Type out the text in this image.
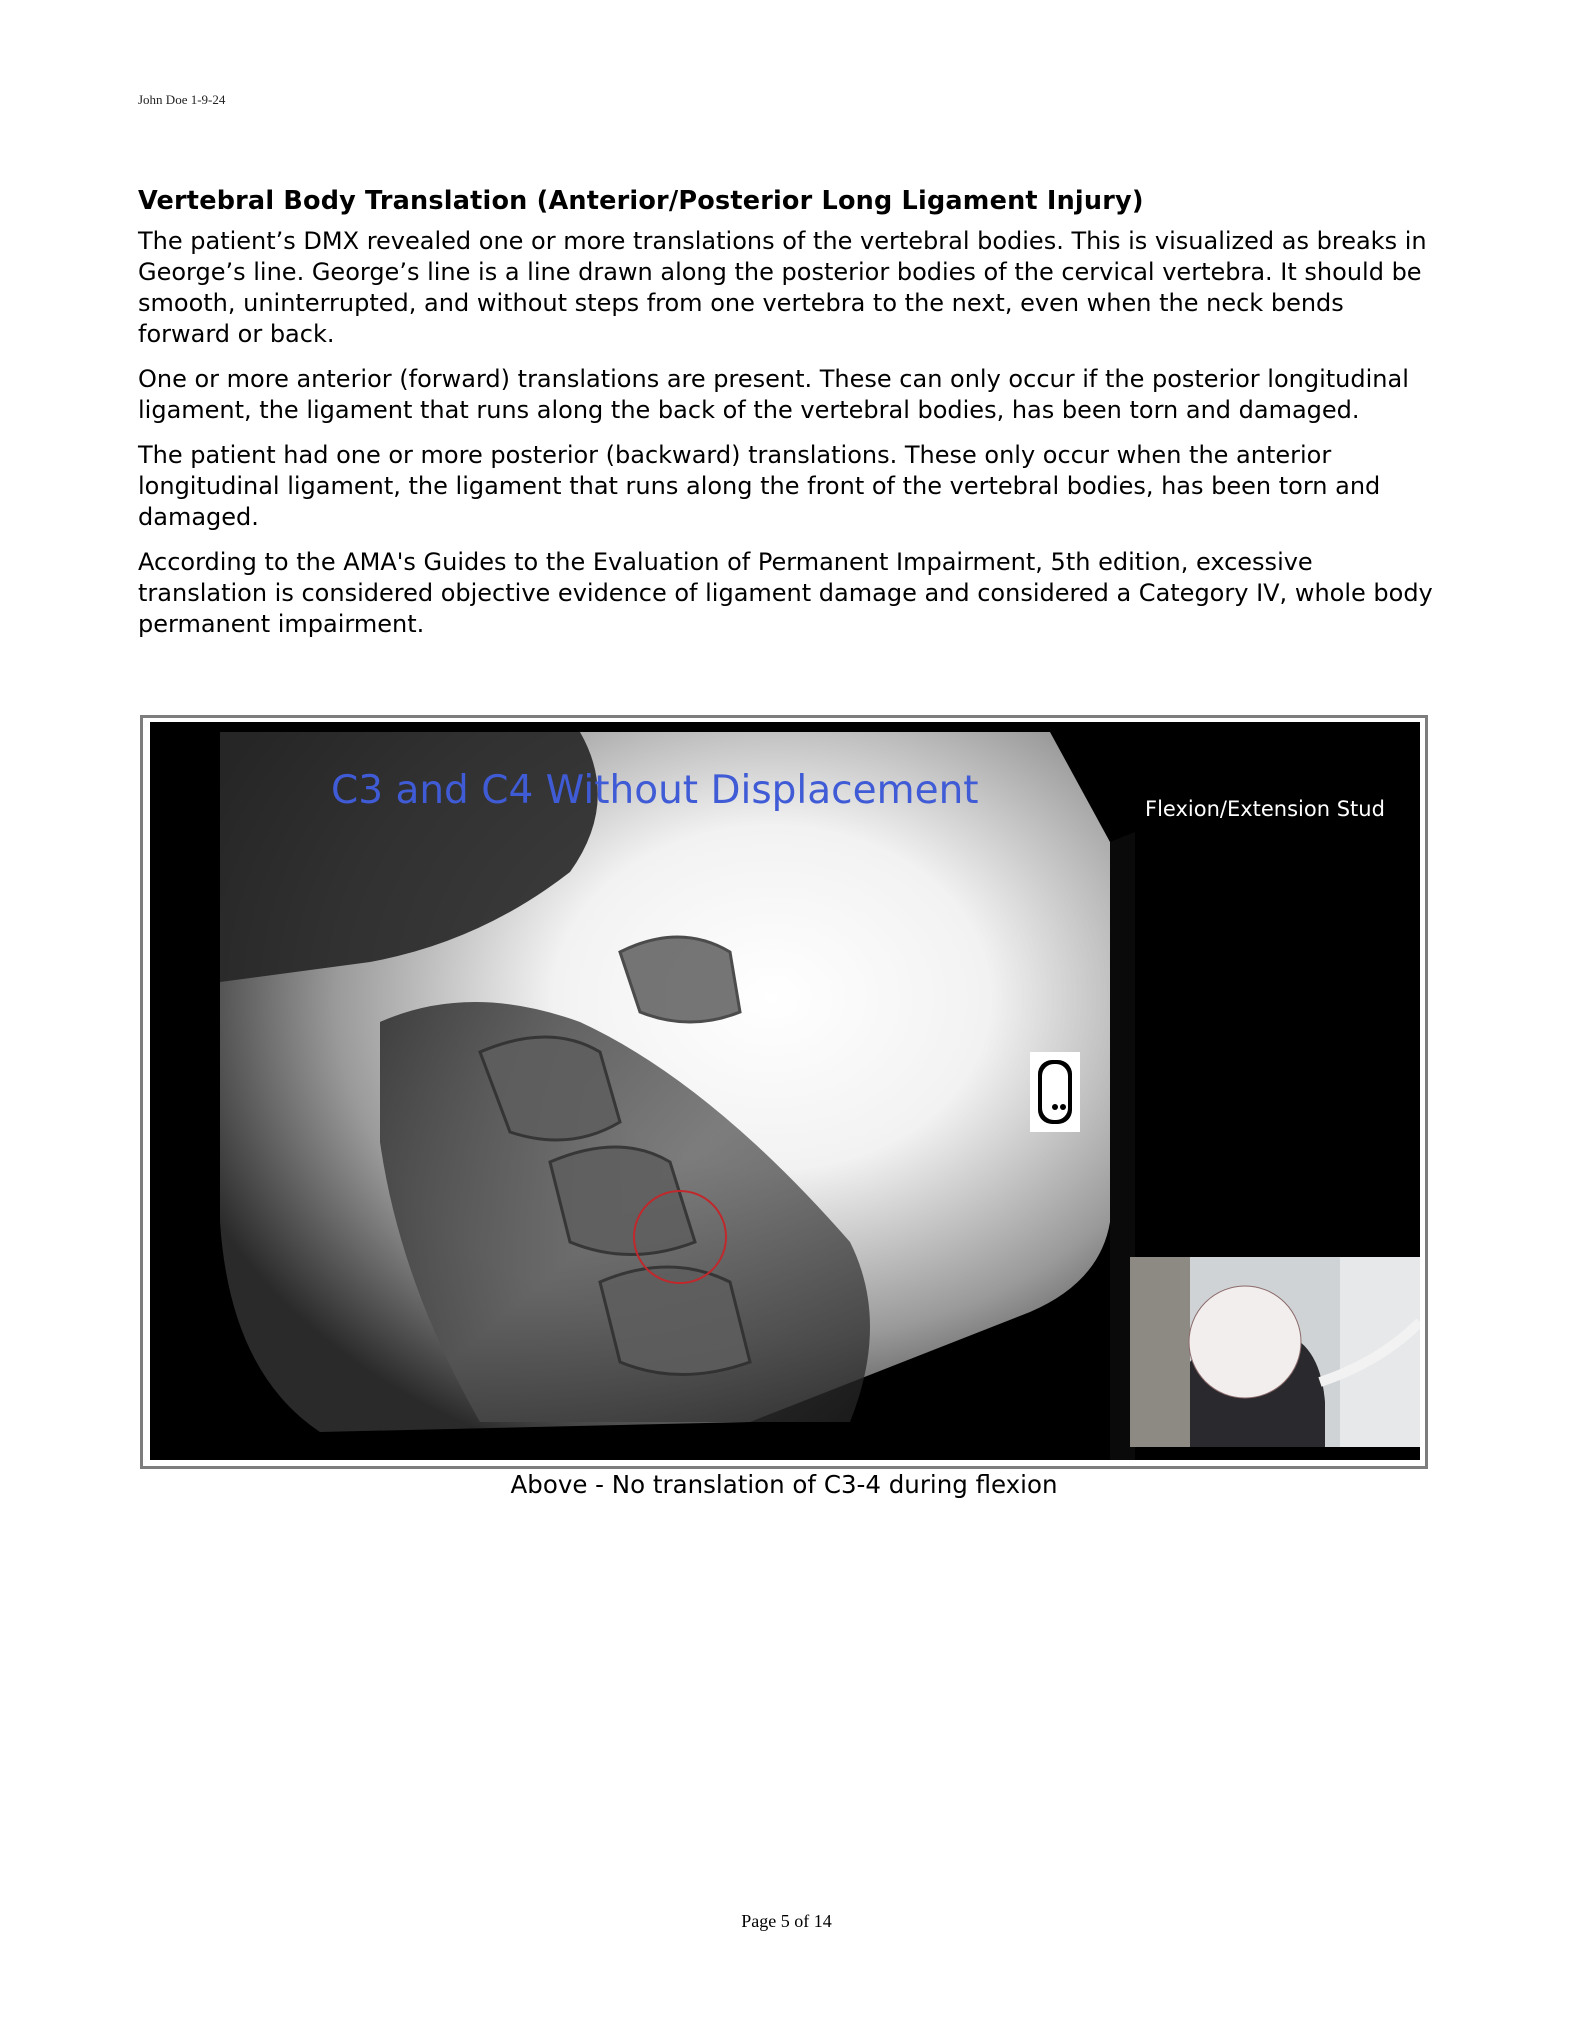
John Doe 1-9-24
Vertebral Body Translation (Anterior/Posterior Long Ligament Injury)

The patient’s DMX revealed one or more translations of the vertebral bodies. This is visualized as breaks in George’s line. George’s line is a line drawn along the posterior bodies of the cervical vertebra. It should be smooth, uninterrupted, and without steps from one vertebra to the next, even when the neck bends forward or back.

One or more anterior (forward) translations are present. These can only occur if the posterior longitudinal ligament, the ligament that runs along the back of the vertebral bodies, has been torn and damaged.

The patient had one or more posterior (backward) translations. These only occur when the anterior longitudinal ligament, the ligament that runs along the front of the vertebral bodies, has been torn and damaged.

According to the AMA's Guides to the Evaluation of Permanent Impairment, 5th edition, excessive translation is considered objective evidence of ligament damage and considered a Category IV, whole body permanent impairment.

C3 and C4 Without Displacement	Flexion/Extension Stud
Above - No translation of C3-4 during flexion
Page 5 of 14
